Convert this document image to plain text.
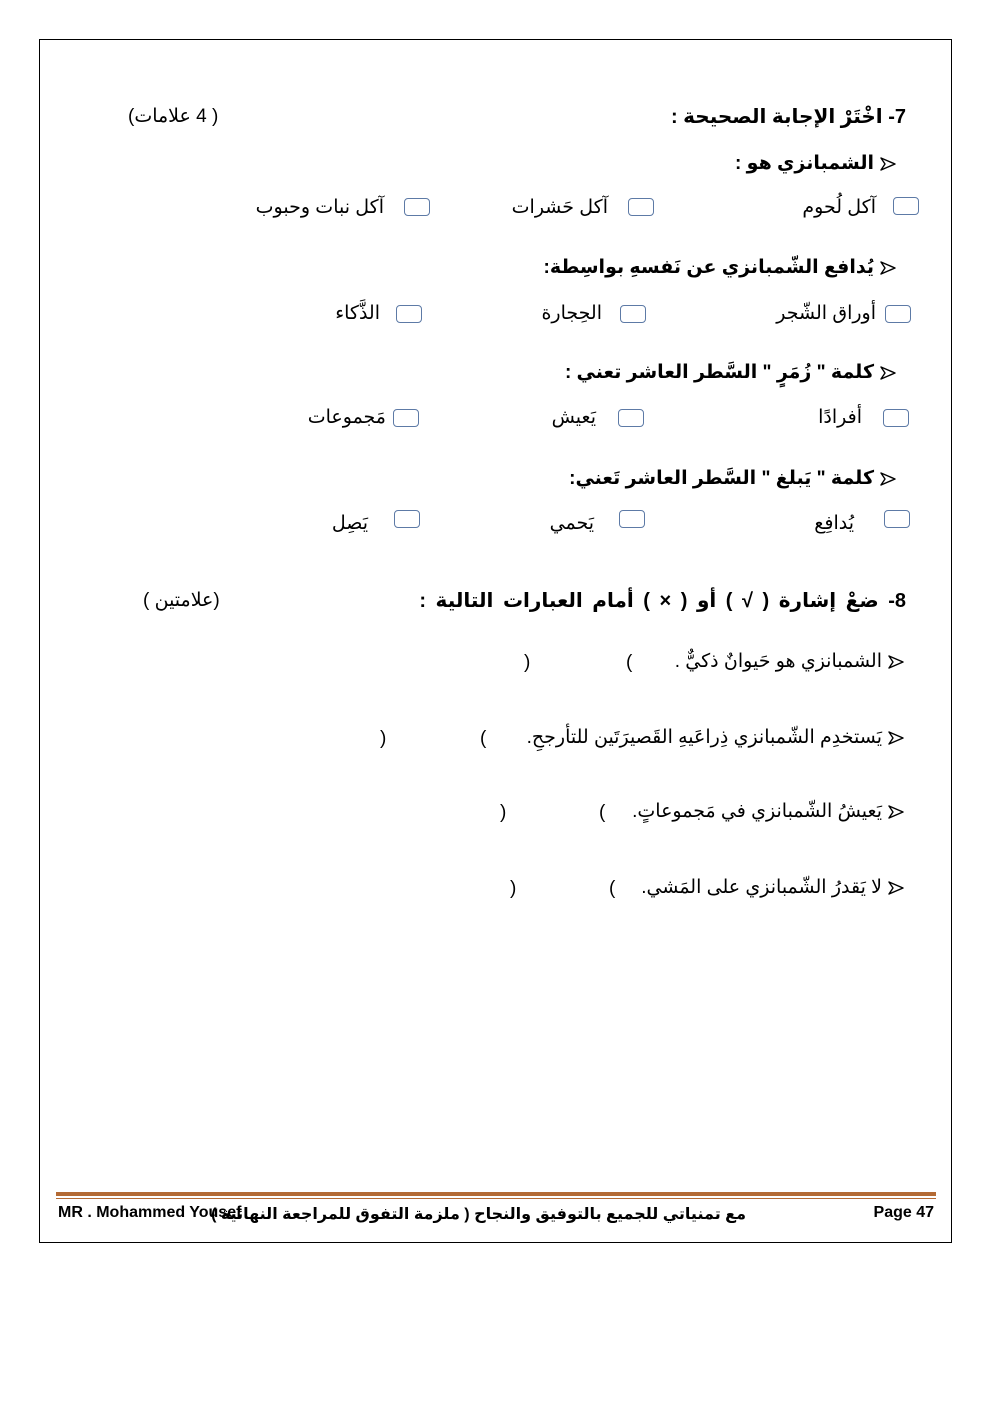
7- اخْتَرْ الإجابة الصحيحة :
( 4 علامات)
الشمبانزي هو :
آكل لُحوم
آكل حَشرات
آكل نبات وحبوب
يُدافع الشّمبانزي عن نَفسهِ بواسِطة:
أوراق الشّجر
الحِجارة
الذَّكاء
كلمة " زُمَرٍ " السَّطر العاشر تعني :
أفرادًا
يَعيش
مَجموعات
كلمة " يَبلغ " السَّطر العاشر تَعني:
يُدافِع
يَحمي
يَصِل
8- ضعْ إشارة ( √ ) أو ( × ) أمام العبارات التالية :
(علامتين )
الشمبانزي هو حَيوانٌ ذكيٌّ .
(
)
يَستخدِم الشّمبانزي ذِراعَيهِ القَصيرَتَين للتأرجحِ.
(
)
يَعيشُ الشّمبانزي في مَجموعاتٍ.
(
)
لا يَقدرُ الشّمبانزي على المَشي.
(
)
MR . Mohammed Yousef
مع تمنياتي للجميع بالتوفيق والنجاح ( ملزمة التفوق للمراجعة النهائية )	Page 47
